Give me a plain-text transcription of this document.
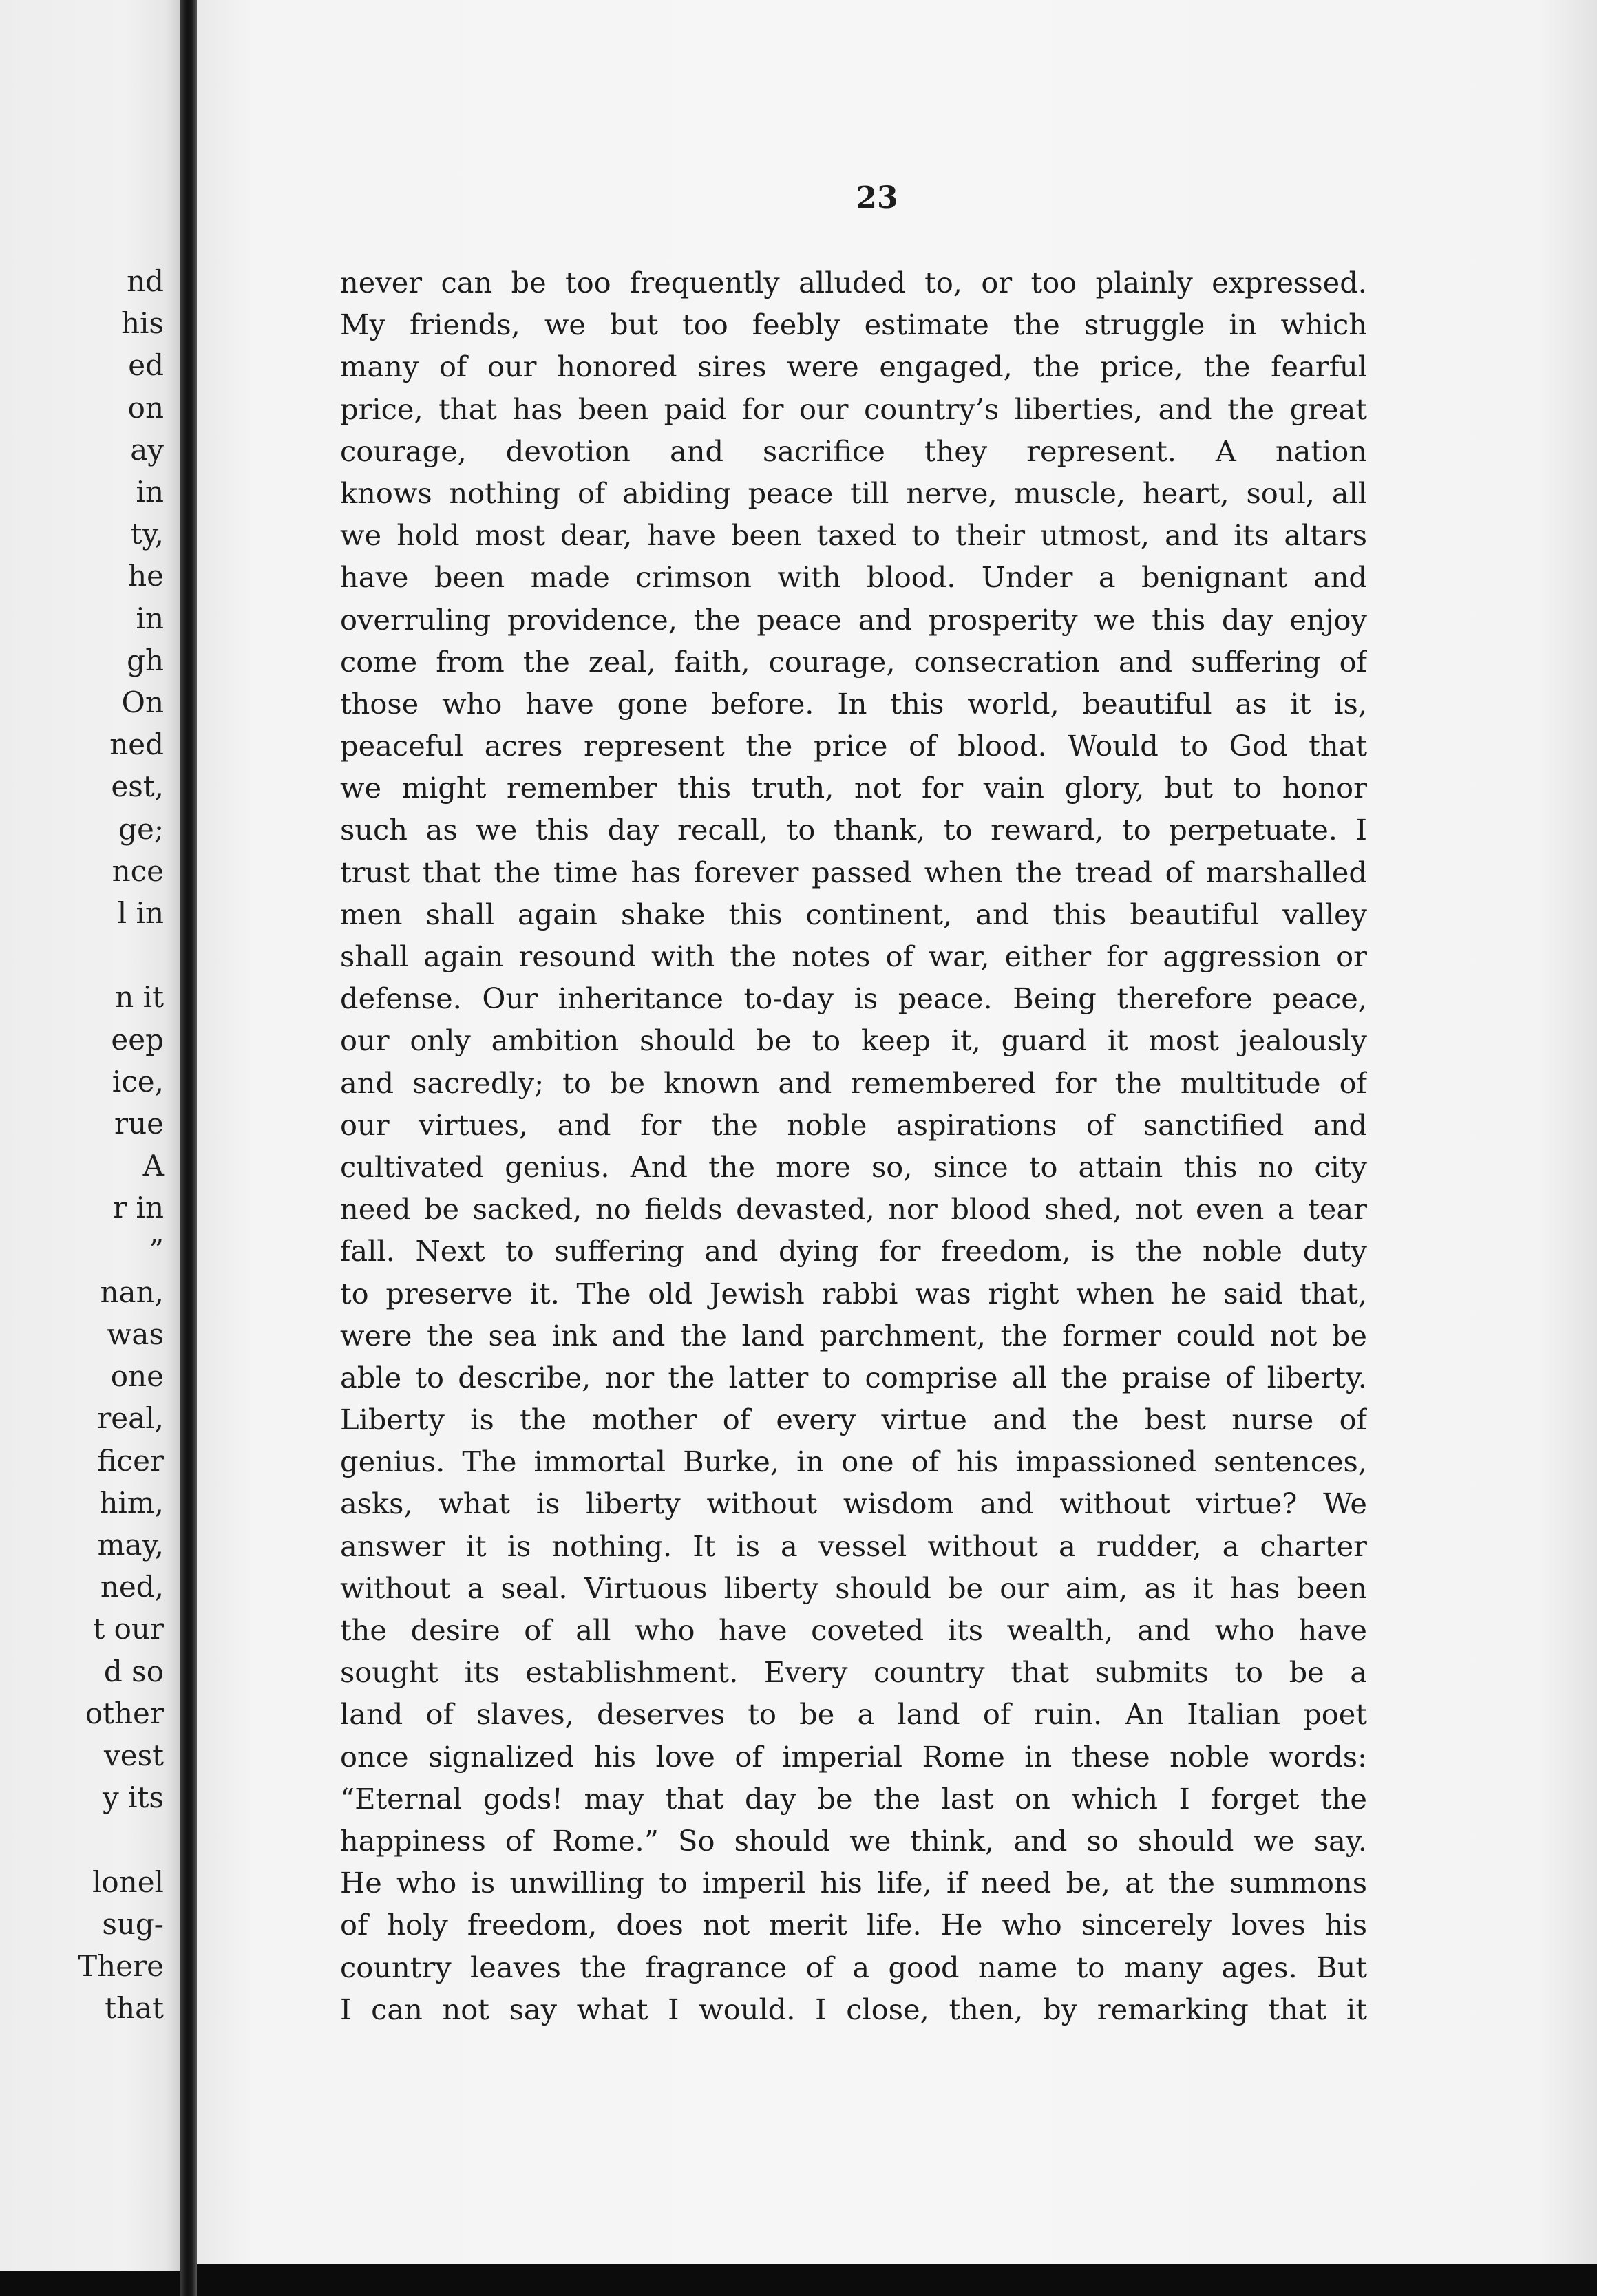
nd
his
ed
on
ay
in
ty,
he
in
gh
On
ned
est,
ge;
nce
l in
n it
eep
ice,
rue
A
r in
”
nan,
was
one
real,
ficer
him,
may,
ned,
t our
d so
other
vest
y its
lonel
sug-
There
that
23
never can be too frequently alluded to, or too plainly expressed.
My friends, we but too feebly estimate the struggle in which
many of our honored sires were engaged, the price, the fearful
price, that has been paid for our country’s liberties, and the great
courage, devotion and sacrifice they represent. A nation
knows nothing of abiding peace till nerve, muscle, heart, soul, all
we hold most dear, have been taxed to their utmost, and its altars
have been made crimson with blood. Under a benignant and
overruling providence, the peace and prosperity we this day enjoy
come from the zeal, faith, courage, consecration and suffering of
those who have gone before. In this world, beautiful as it is,
peaceful acres represent the price of blood. Would to God that
we might remember this truth, not for vain glory, but to honor
such as we this day recall, to thank, to reward, to perpetuate. I
trust that the time has forever passed when the tread of marshalled
men shall again shake this continent, and this beautiful valley
shall again resound with the notes of war, either for aggression or
defense. Our inheritance to-day is peace. Being therefore peace,
our only ambition should be to keep it, guard it most jealously
and sacredly; to be known and remembered for the multitude of
our virtues, and for the noble aspirations of sanctified and
cultivated genius. And the more so, since to attain this no city
need be sacked, no fields devasted, nor blood shed, not even a tear
fall. Next to suffering and dying for freedom, is the noble duty
to preserve it. The old Jewish rabbi was right when he said that,
were the sea ink and the land parchment, the former could not be
able to describe, nor the latter to comprise all the praise of liberty.
Liberty is the mother of every virtue and the best nurse of
genius. The immortal Burke, in one of his impassioned sentences,
asks, what is liberty without wisdom and without virtue? We
answer it is nothing. It is a vessel without a rudder, a charter
without a seal. Virtuous liberty should be our aim, as it has been
the desire of all who have coveted its wealth, and who have
sought its establishment. Every country that submits to be a
land of slaves, deserves to be a land of ruin. An Italian poet
once signalized his love of imperial Rome in these noble words:
“Eternal gods! may that day be the last on which I forget the
happiness of Rome.” So should we think, and so should we say.
He who is unwilling to imperil his life, if need be, at the summons
of holy freedom, does not merit life. He who sincerely loves his
country leaves the fragrance of a good name to many ages. But
I can not say what I would. I close, then, by remarking that it
